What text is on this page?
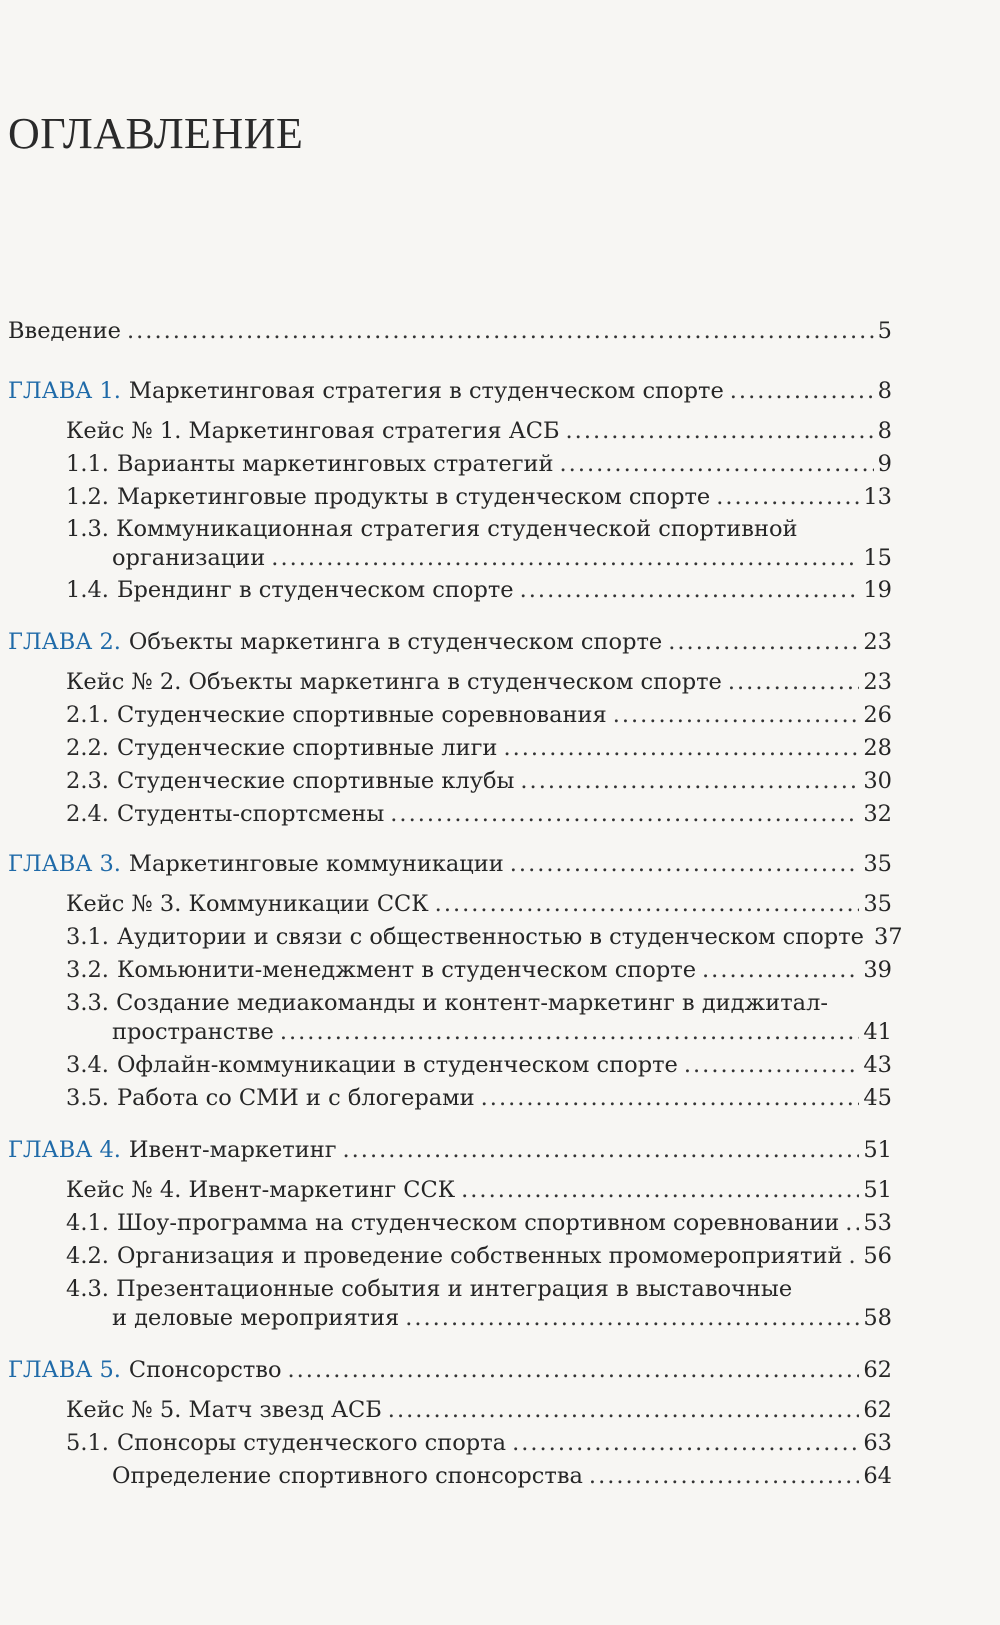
ОГЛАВЛЕНИЕ
Введение .....	5
ГЛАВА 1. Маркетинговая стратегия в студенческом спорте .....	8
Кейс № 1. Маркетинговая стратегия АСБ .....	8
1.1. Варианты маркетинговых стратегий .....	9
1.2. Маркетинговые продукты в студенческом спорте .....	13
1.3. Коммуникационная стратегия студенческой спортивной
организации .....	15
1.4. Брендинг в студенческом спорте .....	19
ГЛАВА 2. Объекты маркетинга в студенческом спорте .....	23
Кейс № 2. Объекты маркетинга в студенческом спорте .....	23
2.1. Студенческие спортивные соревнования .....	26
2.2. Студенческие спортивные лиги .....	28
2.3. Студенческие спортивные клубы .....	30
2.4. Студенты-спортсмены .....	32
ГЛАВА 3. Маркетинговые коммуникации .....	35
Кейс № 3. Коммуникации ССК .....	35
3.1. Аудитории и связи с общественностью в студенческом спорте 37
3.2. Комьюнити-менеджмент в студенческом спорте .....	39
3.3. Создание медиакоманды и контент-маркетинг в диджитал-
пространстве .....	41
3.4. Офлайн-коммуникации в студенческом спорте .....	43
3.5. Работа со СМИ и с блогерами .....	45
ГЛАВА 4. Ивент-маркетинг .....	51
Кейс № 4. Ивент-маркетинг ССК .....	51
4.1. Шоу-программа на студенческом спортивном соревновании ..... 53
4.2. Организация и проведение собственных промомероприятий ..... 56
4.3. Презентационные события и интеграция в выставочные
и деловые мероприятия .....	58
ГЛАВА 5. Спонсорство .....	62
Кейс № 5. Матч звезд АСБ .....	62
5.1. Спонсоры студенческого спорта .....	63
Определение спортивного спонсорства .....	64
